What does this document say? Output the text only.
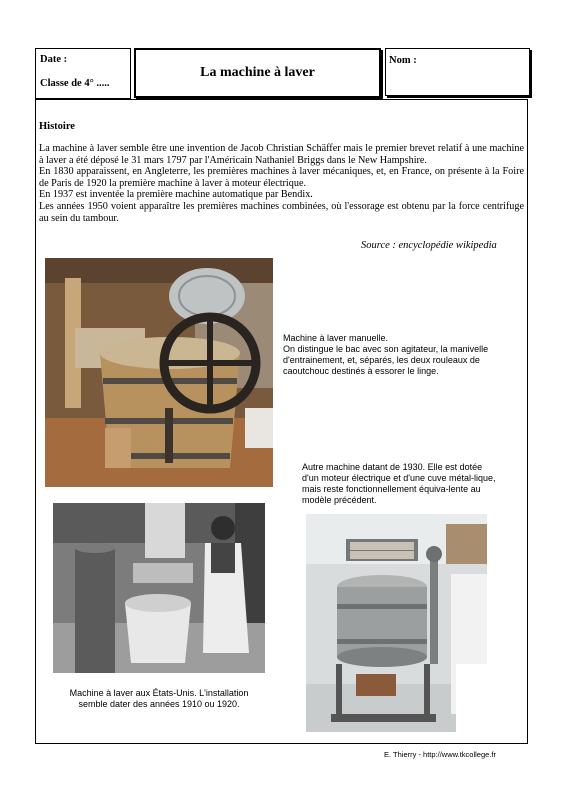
Date :
Classe de 4° .....
La machine à laver
Nom :
Histoire

La machine à laver semble être une invention de Jacob Christian Schäffer mais le premier brevet relatif à une machine à laver a été déposé le 31 mars 1797 par l'Américain Nathaniel Briggs dans le New Hampshire.

En 1830 apparaissent, en Angleterre, les premières machines à laver mécaniques, et, en France, on présente à la Foire de Paris de 1920 la première machine à laver à moteur électrique.

En 1937 est inventée la première machine automatique par Bendix.

Les années 1950 voient apparaître les premières machines combinées, où l'essorage est obtenu par la force centrifuge au sein du tambour.

Source : encyclopédie wikipedia

Machine à laver manuelle.

On distingue le bac avec son agitateur, la manivelle d'entrainement, et, séparés, les deux rouleaux de caoutchouc destinés à essorer le linge.

Autre machine datant de 1930. Elle est dotée d'un moteur électrique et d'une cuve métal-lique, mais reste fonctionnellement équiva-lente au modèle précédent.

Machine à laver aux États-Unis. L'installation semble dater des années 1910 ou 1920.

E. Thierry - http://www.tkcollege.fr
